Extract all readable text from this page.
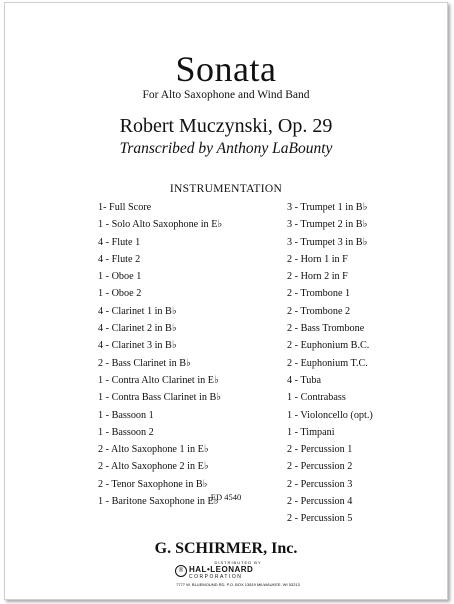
Sonata
For Alto Saxophone and Wind Band
Robert Muczynski, Op. 29
Transcribed by Anthony LaBounty
INSTRUMENTATION
1- Full Score
1 - Solo Alto Saxophone in E♭
4 - Flute 1
4 - Flute 2
1 - Oboe 1
1 - Oboe 2
4 - Clarinet 1 in B♭
4 - Clarinet 2 in B♭
4 - Clarinet 3 in B♭
2 - Bass Clarinet in B♭
1 - Contra Alto Clarinet in E♭
1 - Contra Bass Clarinet in B♭
1 - Bassoon 1
1 - Bassoon 2
2 - Alto Saxophone 1 in E♭
2 - Alto Saxophone 2 in E♭
2 - Tenor Saxophone in B♭
1 - Baritone Saxophone in E♭
3 - Trumpet 1 in B♭
3 - Trumpet 2 in B♭
3 - Trumpet 3 in B♭
2 - Horn 1 in F
2 - Horn 2 in F
2 - Trombone 1
2 - Trombone 2
2 - Bass Trombone
2 - Euphonium B.C.
2 - Euphonium T.C.
4 - Tuba
1 - Contrabass
1 - Violoncello (opt.)
1 - Timpani
2 - Percussion 1
2 - Percussion 2
2 - Percussion 3
2 - Percussion 4
2 - Percussion 5
ED 4540
G. SCHIRMER, Inc.
DISTRIBUTED BY
® HAL•LEONARD
CORPORATION
7777 W. BLUEMOUND RD. P.O. BOX 13819 MILWAUKEE, WI 53213
